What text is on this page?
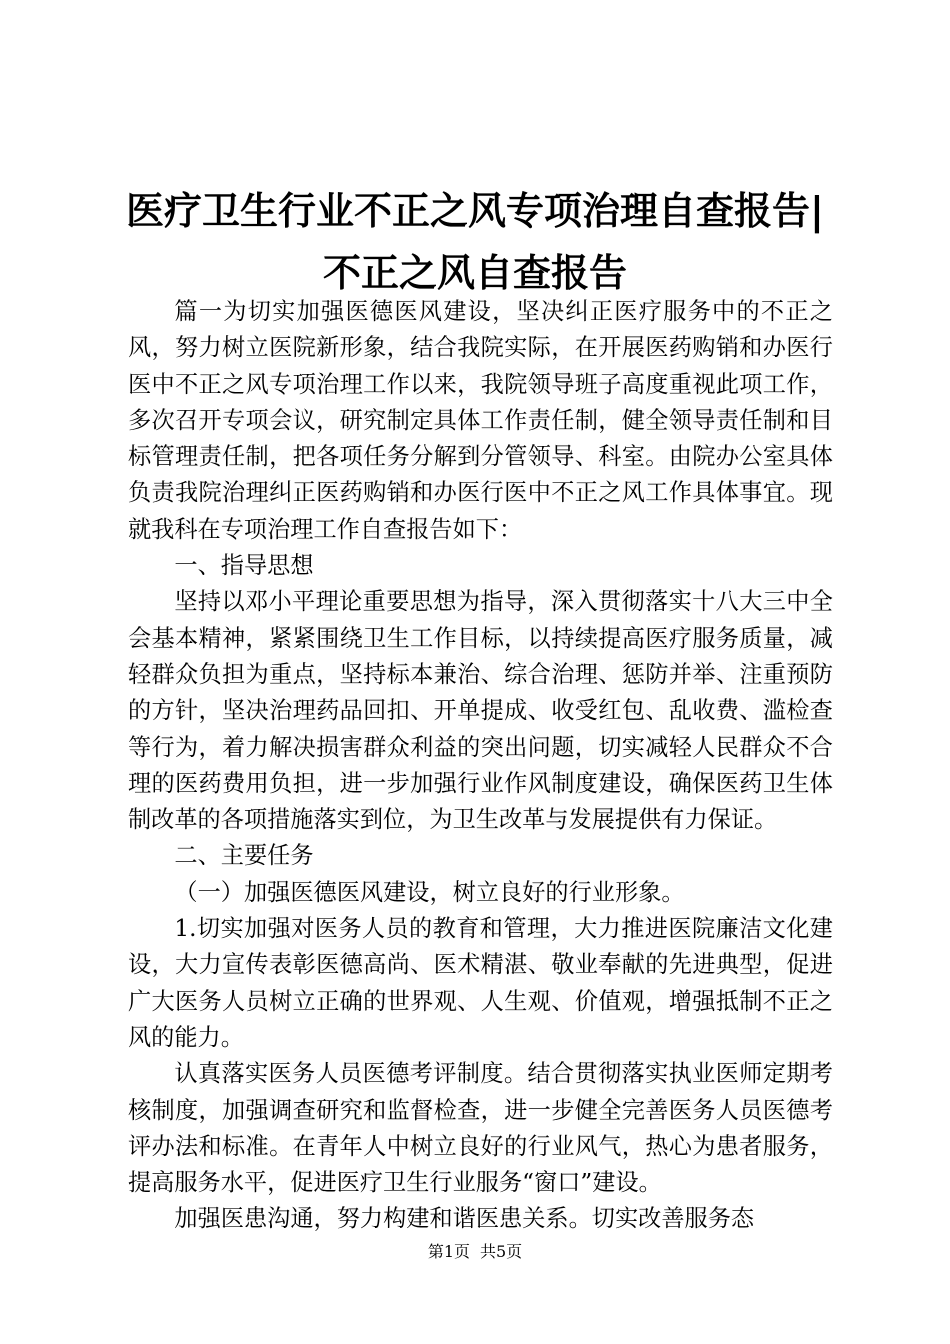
医疗卫生行业不正之风专项治理自查报告|不正之风自查报告

篇一为切实加强医德医风建设，坚决纠正医疗服务中的不正之风，努力树立医院新形象，结合我院实际，在开展医药购销和办医行医中不正之风专项治理工作以来，我院领导班子高度重视此项工作，多次召开专项会议，研究制定具体工作责任制，健全领导责任制和目标管理责任制，把各项任务分解到分管领导、科室。由院办公室具体负责我院治理纠正医药购销和办医行医中不正之风工作具体事宜。现就我科在专项治理工作自查报告如下：

一、指导思想

坚持以邓小平理论重要思想为指导，深入贯彻落实十八大三中全会基本精神，紧紧围绕卫生工作目标，以持续提高医疗服务质量，减轻群众负担为重点，坚持标本兼治、综合治理、惩防并举、注重预防的方针，坚决治理药品回扣、开单提成、收受红包、乱收费、滥检查等行为，着力解决损害群众利益的突出问题，切实减轻人民群众不合理的医药费用负担，进一步加强行业作风制度建设，确保医药卫生体制改革的各项措施落实到位，为卫生改革与发展提供有力保证。

二、主要任务

（一）加强医德医风建设，树立良好的行业形象。

1.切实加强对医务人员的教育和管理，大力推进医院廉洁文化建设，大力宣传表彰医德高尚、医术精湛、敬业奉献的先进典型，促进广大医务人员树立正确的世界观、人生观、价值观，增强抵制不正之风的能力。

认真落实医务人员医德考评制度。结合贯彻落实执业医师定期考核制度，加强调查研究和监督检查，进一步健全完善医务人员医德考评办法和标准。在青年人中树立良好的行业风气，热心为患者服务，提高服务水平，促进医疗卫生行业服务“窗口”建设。

加强医患沟通，努力构建和谐医患关系。切实改善服务态

第1页 共5页
